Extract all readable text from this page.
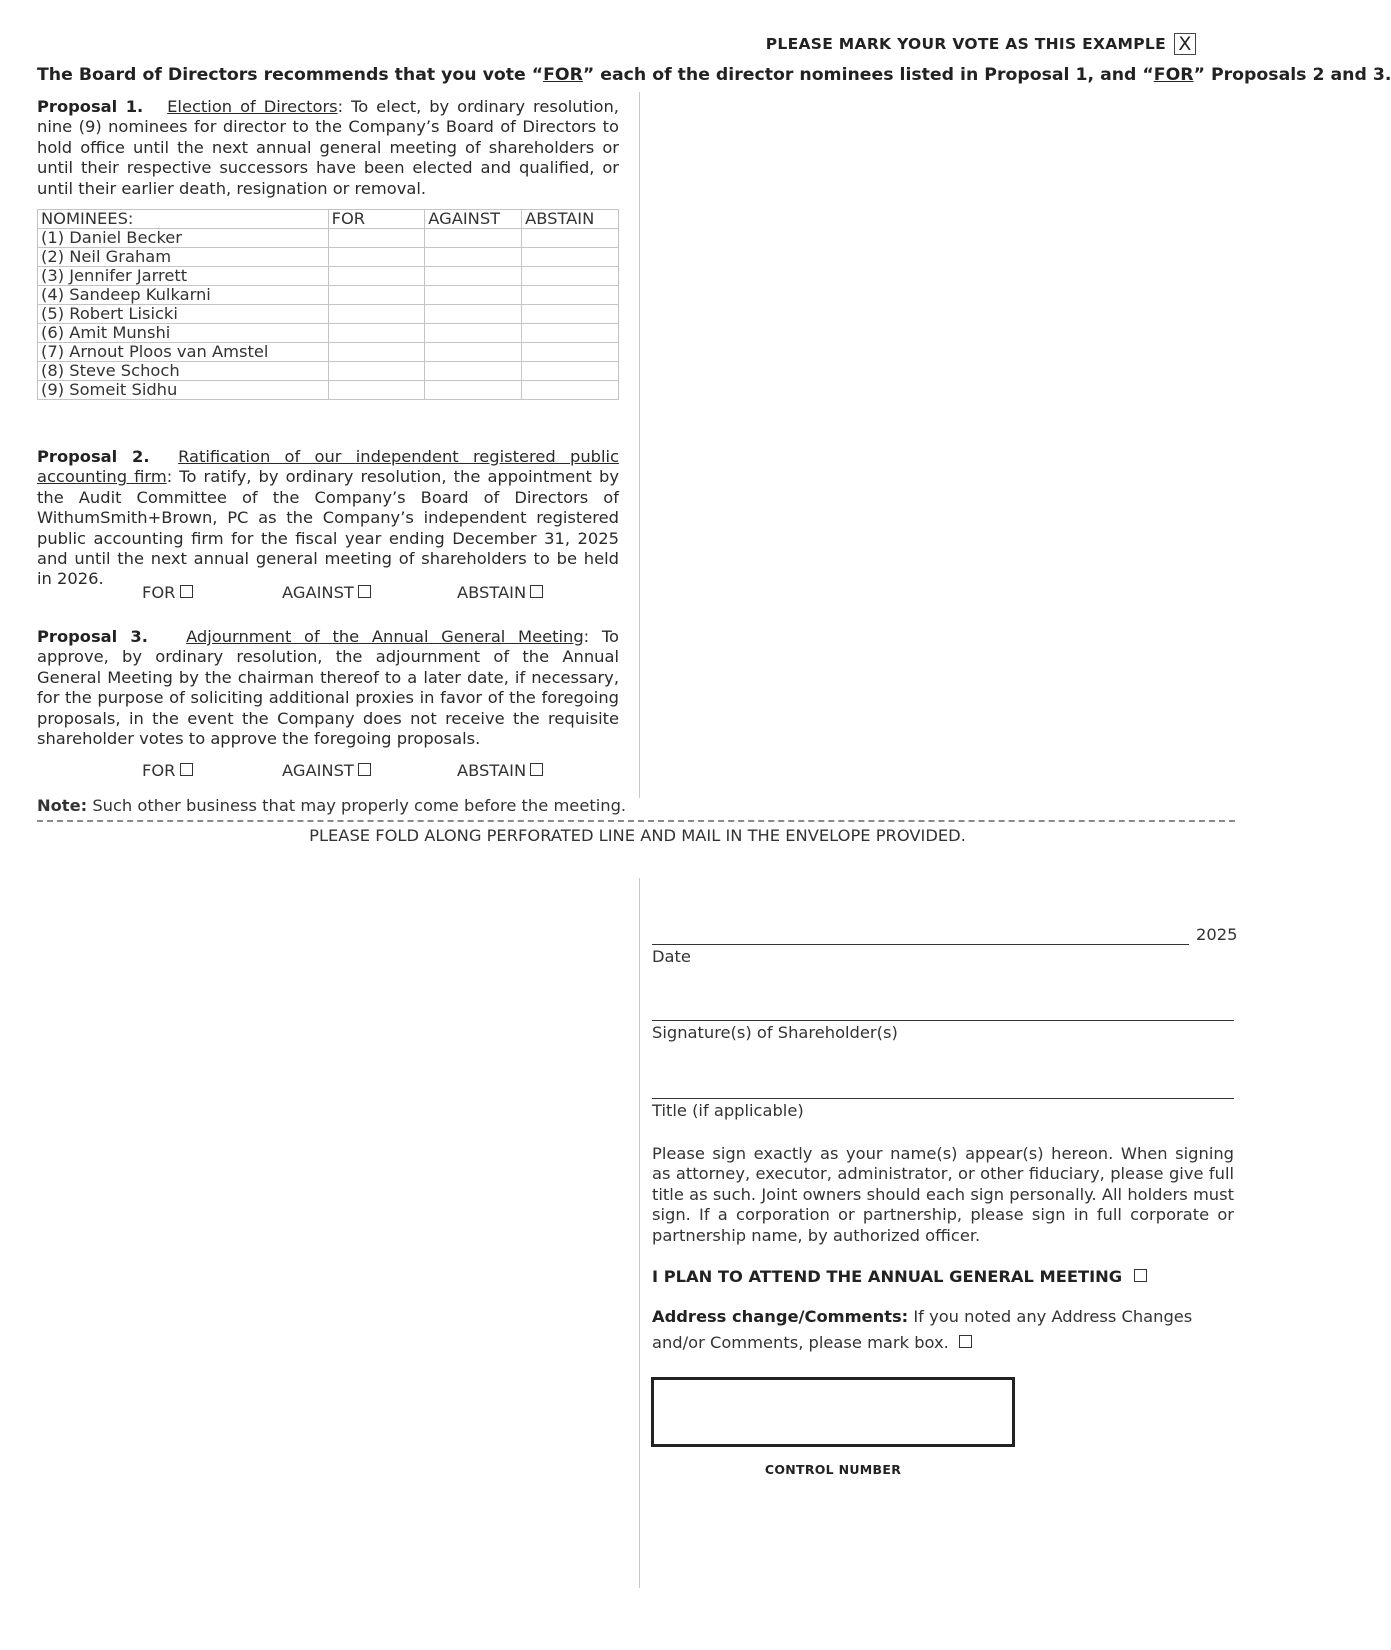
PLEASE MARK YOUR VOTE AS THIS EXAMPLE X
The Board of Directors recommends that you vote “FOR” each of the director nominees listed in Proposal 1, and “FOR” Proposals 2 and 3.
Proposal 1. Election of Directors: To elect, by ordinary resolution, nine (9) nominees for director to the Company’s Board of Directors to hold office until the next annual general meeting of shareholders or until their respective successors have been elected and qualified, or until their earlier death, resignation or removal.
NOMINEES:	FOR	AGAINST	ABSTAIN
(1) Daniel Becker			
(2) Neil Graham			
(3) Jennifer Jarrett			
(4) Sandeep Kulkarni			
(5) Robert Lisicki			
(6) Amit Munshi			
(7) Arnout Ploos van Amstel			
(8) Steve Schoch			
(9) Someit Sidhu			
Proposal 2. Ratification of our independent registered public accounting firm: To ratify, by ordinary resolution, the appointment by the Audit Committee of the Company’s Board of Directors of WithumSmith+Brown, PC as the Company’s independent registered public accounting firm for the fiscal year ending December 31, 2025 and until the next annual general meeting of shareholders to be held in 2026.
FOR	AGAINST	ABSTAIN
Proposal 3. Adjournment of the Annual General Meeting: To approve, by ordinary resolution, the adjournment of the Annual General Meeting by the chairman thereof to a later date, if necessary, for the purpose of soliciting additional proxies in favor of the foregoing proposals, in the event the Company does not receive the requisite shareholder votes to approve the foregoing proposals.
FOR	AGAINST	ABSTAIN
Note: Such other business that may properly come before the meeting.
PLEASE FOLD ALONG PERFORATED LINE AND MAIL IN THE ENVELOPE PROVIDED.
2025
Date
Signature(s) of Shareholder(s)
Title (if applicable)
Please sign exactly as your name(s) appear(s) hereon. When signing as attorney, executor, administrator, or other fiduciary, please give full title as such. Joint owners should each sign personally. All holders must sign. If a corporation or partnership, please sign in full corporate or partnership name, by authorized officer.
I PLAN TO ATTEND THE ANNUAL GENERAL MEETING
Address change/Comments: If you noted any Address Changes and/or Comments, please mark box.
CONTROL NUMBER
